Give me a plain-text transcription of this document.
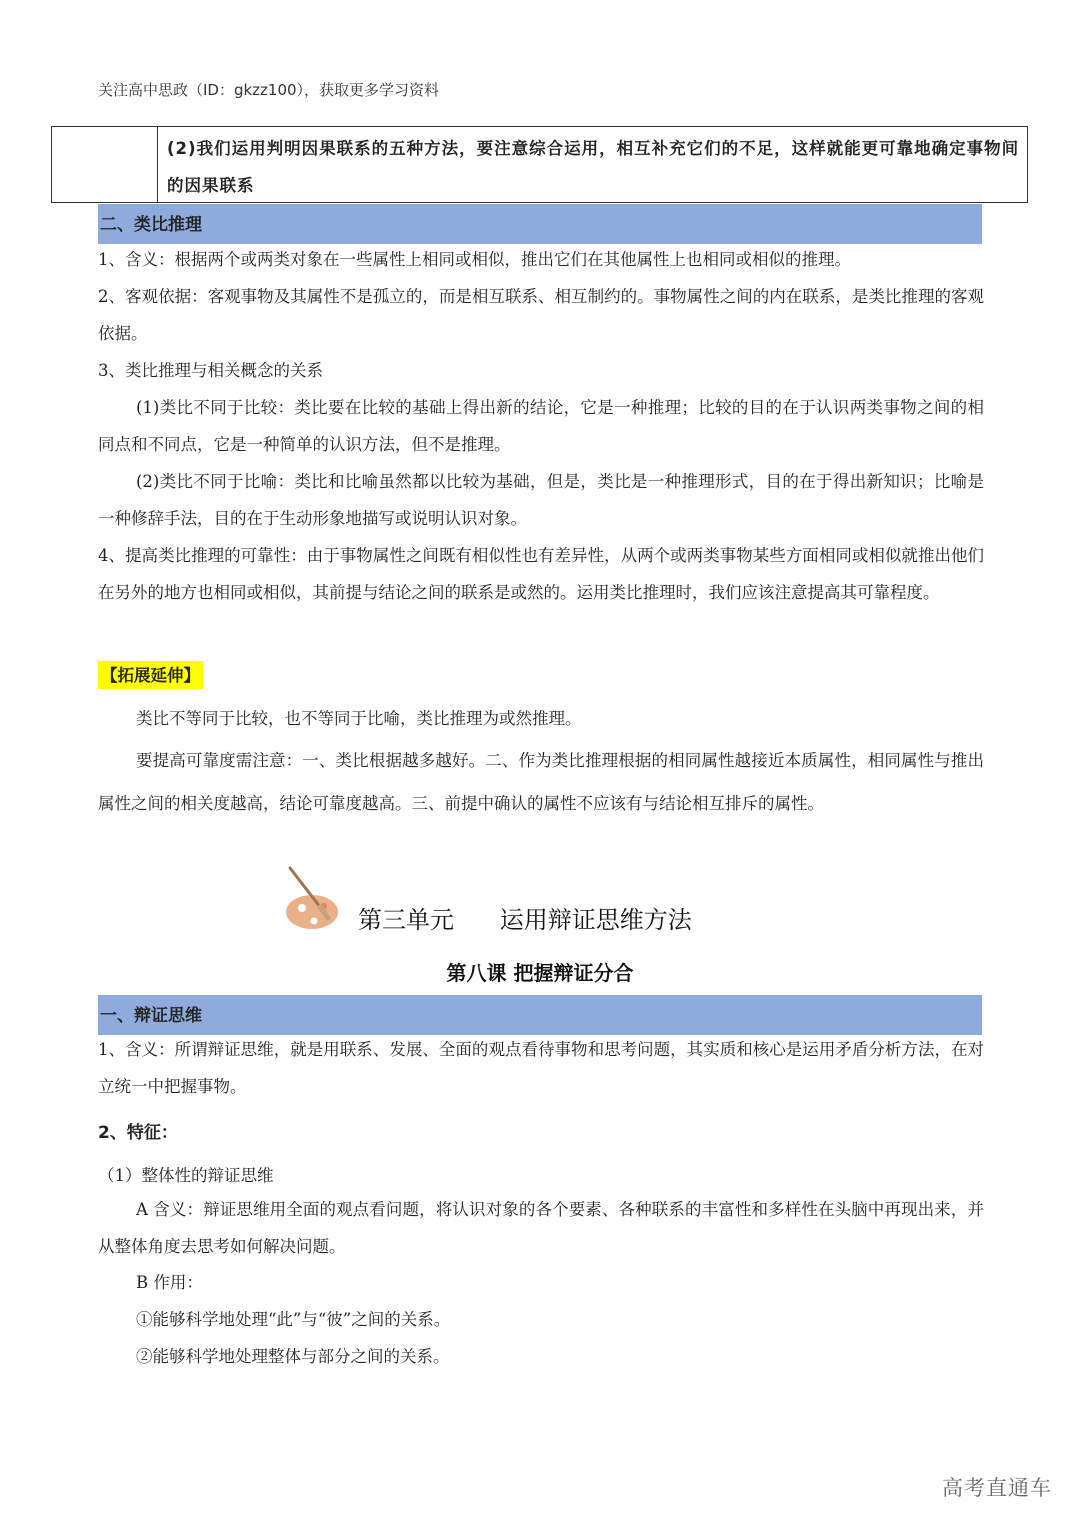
关注高中思政（ID：gkzz100），获取更多学习资料
(2)我们运用判明因果联系的五种方法，要注意综合运用，相互补充它们的不足，这样就能更可靠地确定事物间的因果联系
二、类比推理
1、含义：根据两个或两类对象在一些属性上相同或相似，推出它们在其他属性上也相同或相似的推理。
2、客观依据：客观事物及其属性不是孤立的，而是相互联系、相互制约的。事物属性之间的内在联系，是类比推理的客观依据。
3、类比推理与相关概念的关系
(1)类比不同于比较：类比要在比较的基础上得出新的结论，它是一种推理；比较的目的在于认识两类事物之间的相同点和不同点，它是一种简单的认识方法，但不是推理。
(2)类比不同于比喻：类比和比喻虽然都以比较为基础，但是，类比是一种推理形式，目的在于得出新知识；比喻是一种修辞手法，目的在于生动形象地描写或说明认识对象。
4、提高类比推理的可靠性：由于事物属性之间既有相似性也有差异性，从两个或两类事物某些方面相同或相似就推出他们在另外的地方也相同或相似，其前提与结论之间的联系是或然的。运用类比推理时，我们应该注意提高其可靠程度。
【拓展延伸】
类比不等同于比较，也不等同于比喻，类比推理为或然推理。
要提高可靠度需注意：一、类比根据越多越好。二、作为类比推理根据的相同属性越接近本质属性，相同属性与推出属性之间的相关度越高，结论可靠度越高。三、前提中确认的属性不应该有与结论相互排斥的属性。
第三单元      运用辩证思维方法
第八课 把握辩证分合
一、辩证思维
1、含义：所谓辩证思维，就是用联系、发展、全面的观点看待事物和思考问题，其实质和核心是运用矛盾分析方法，在对立统一中把握事物。
2、特征：
（1）整体性的辩证思维
A 含义：辩证思维用全面的观点看问题，将认识对象的各个要素、各种联系的丰富性和多样性在头脑中再现出来，并从整体角度去思考如何解决问题。
B 作用：
①能够科学地处理“此”与“彼”之间的关系。
②能够科学地处理整体与部分之间的关系。
高考直通车
